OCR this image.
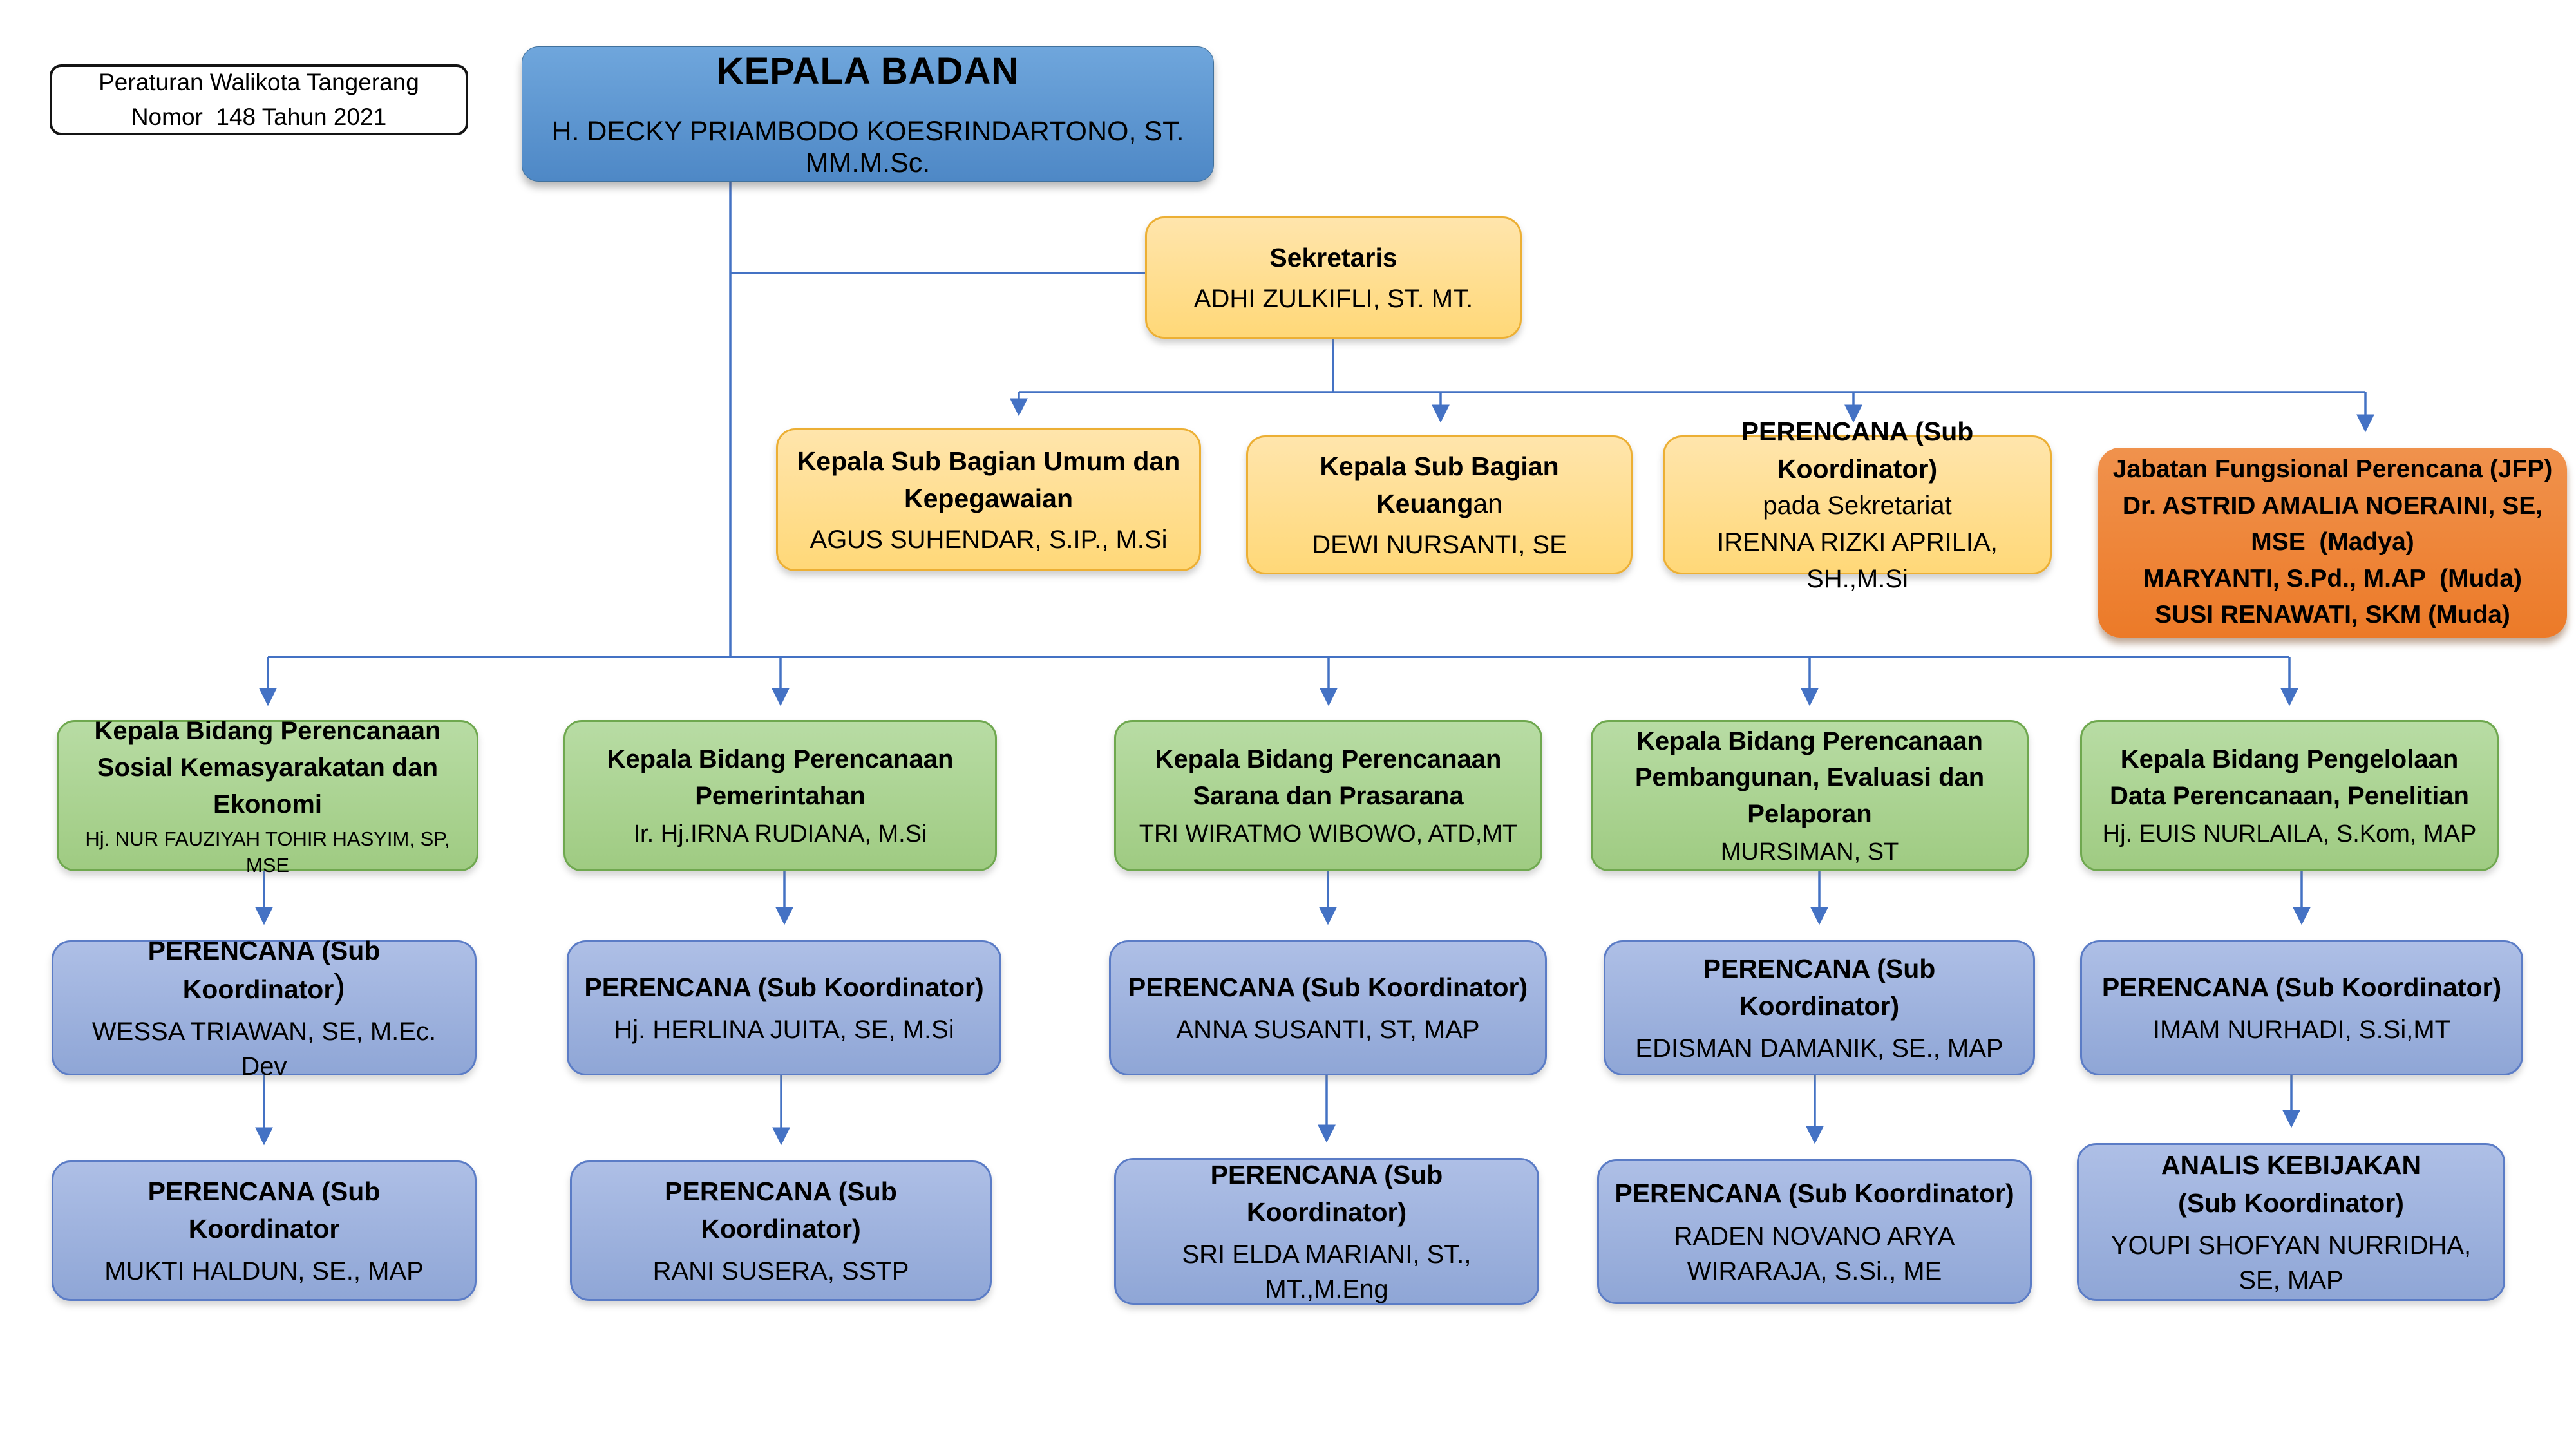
Peraturan Walikota Tangerang
Nomor  148 Tahun 2021
KEPALA BADAN
H. DECKY PRIAMBODO KOESRINDARTONO, ST. MM.M.Sc.
Sekretaris
ADHI ZULKIFLI, ST. MT.
Kepala Sub Bagian Umum dan Kepegawaian
AGUS SUHENDAR, S.IP., M.Si
Kepala Sub Bagian Keuangan
DEWI NURSANTI, SE
PERENCANA (Sub Koordinator)
pada Sekretariat
IRENNA RIZKI APRILIA, SH.,M.Si
Jabatan Fungsional Perencana (JFP)
Dr. ASTRID AMALIA NOERAINI, SE,
MSE  (Madya)
MARYANTI, S.Pd., M.AP  (Muda)
SUSI RENAWATI, SKM (Muda)
Kepala Bidang Perencanaan Sosial Kemasyarakatan dan Ekonomi
Hj. NUR FAUZIYAH TOHIR HASYIM, SP, MSE
PERENCANA (Sub Koordinator)
WESSA TRIAWAN, SE, M.Ec. Dev
PERENCANA (Sub Koordinator
MUKTI HALDUN, SE., MAP
Kepala Bidang Perencanaan Pemerintahan
Ir. Hj.IRNA RUDIANA, M.Si
PERENCANA (Sub Koordinator)
Hj. HERLINA JUITA, SE, M.Si
PERENCANA (Sub Koordinator)
RANI SUSERA, SSTP
Kepala Bidang Perencanaan Sarana dan Prasarana
TRI WIRATMO WIBOWO, ATD,MT
PERENCANA (Sub Koordinator)
ANNA SUSANTI, ST, MAP
PERENCANA (Sub Koordinator)
SRI ELDA MARIANI, ST., MT.,M.Eng
Kepala Bidang Perencanaan Pembangunan, Evaluasi dan Pelaporan
MURSIMAN, ST
PERENCANA (Sub Koordinator)
EDISMAN DAMANIK, SE., MAP
PERENCANA (Sub Koordinator)
RADEN NOVANO ARYA WIRARAJA, S.Si., ME
Kepala Bidang Pengelolaan Data Perencanaan, Penelitian
Hj. EUIS NURLAILA, S.Kom, MAP
PERENCANA (Sub Koordinator)
IMAM NURHADI, S.Si,MT
ANALIS KEBIJAKAN
(Sub Koordinator)
YOUPI SHOFYAN NURRIDHA, SE, MAP
